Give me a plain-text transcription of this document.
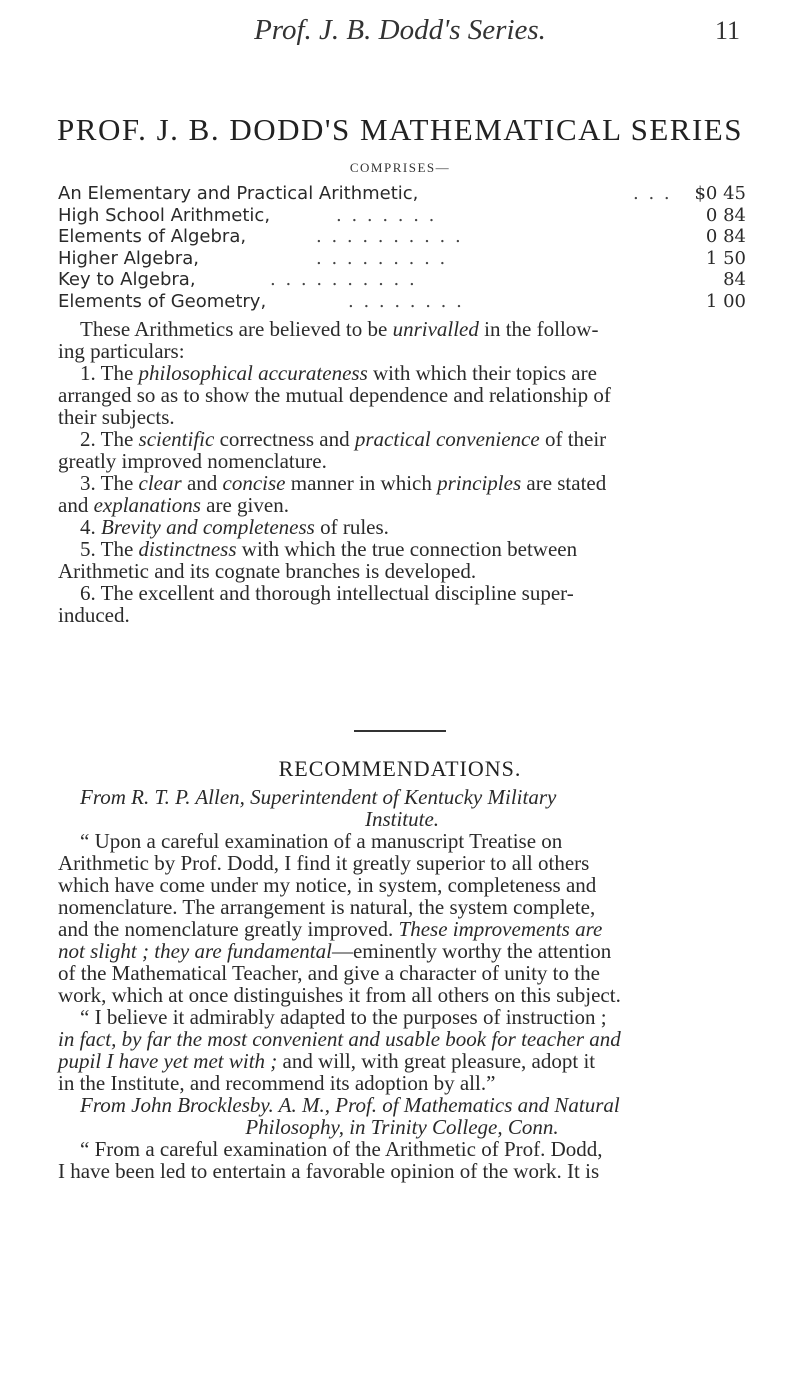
Prof. J. B. Dodd's Series.	11
PROF. J. B. DODD'S MATHEMATICAL SERIES
COMPRISES—
An Elementary and Practical Arithmetic,	. . . $0 45
High School Arithmetic,	. . . . . . .	0 84
Elements of Algebra,	. . . . . . . . . .	0 84
Higher Algebra,	. . . . . . . . .	1 50
Key to Algebra,	. . . . . . . . . .	84
Elements of Geometry,	. . . . . . . .	1 00
These Arithmetics are believed to be unrivalled in the follow-
ing particulars:
1. The philosophical accurateness with which their topics are
arranged so as to show the mutual dependence and relationship of
their subjects.
2. The scientific correctness and practical convenience of their
greatly improved nomenclature.
3. The clear and concise manner in which principles are stated
and explanations are given.
4. Brevity and completeness of rules.
5. The distinctness with which the true connection between
Arithmetic and its cognate branches is developed.
6. The excellent and thorough intellectual discipline super-
induced.
RECOMMENDATIONS.
From R. T. P. Allen, Superintendent of Kentucky Military
Institute.
“ Upon a careful examination of a manuscript Treatise on
Arithmetic by Prof. Dodd, I find it greatly superior to all others
which have come under my notice, in system, completeness and
nomenclature. The arrangement is natural, the system complete,
and the nomenclature greatly improved. These improvements are
not slight ; they are fundamental—eminently worthy the attention
of the Mathematical Teacher, and give a character of unity to the
work, which at once distinguishes it from all others on this subject.
“ I believe it admirably adapted to the purposes of instruction ;
in fact, by far the most convenient and usable book for teacher and
pupil I have yet met with ; and will, with great pleasure, adopt it
in the Institute, and recommend its adoption by all.”
From John Brocklesby. A. M., Prof. of Mathematics and Natural
Philosophy, in Trinity College, Conn.
“ From a careful examination of the Arithmetic of Prof. Dodd,
I have been led to entertain a favorable opinion of the work. It is
